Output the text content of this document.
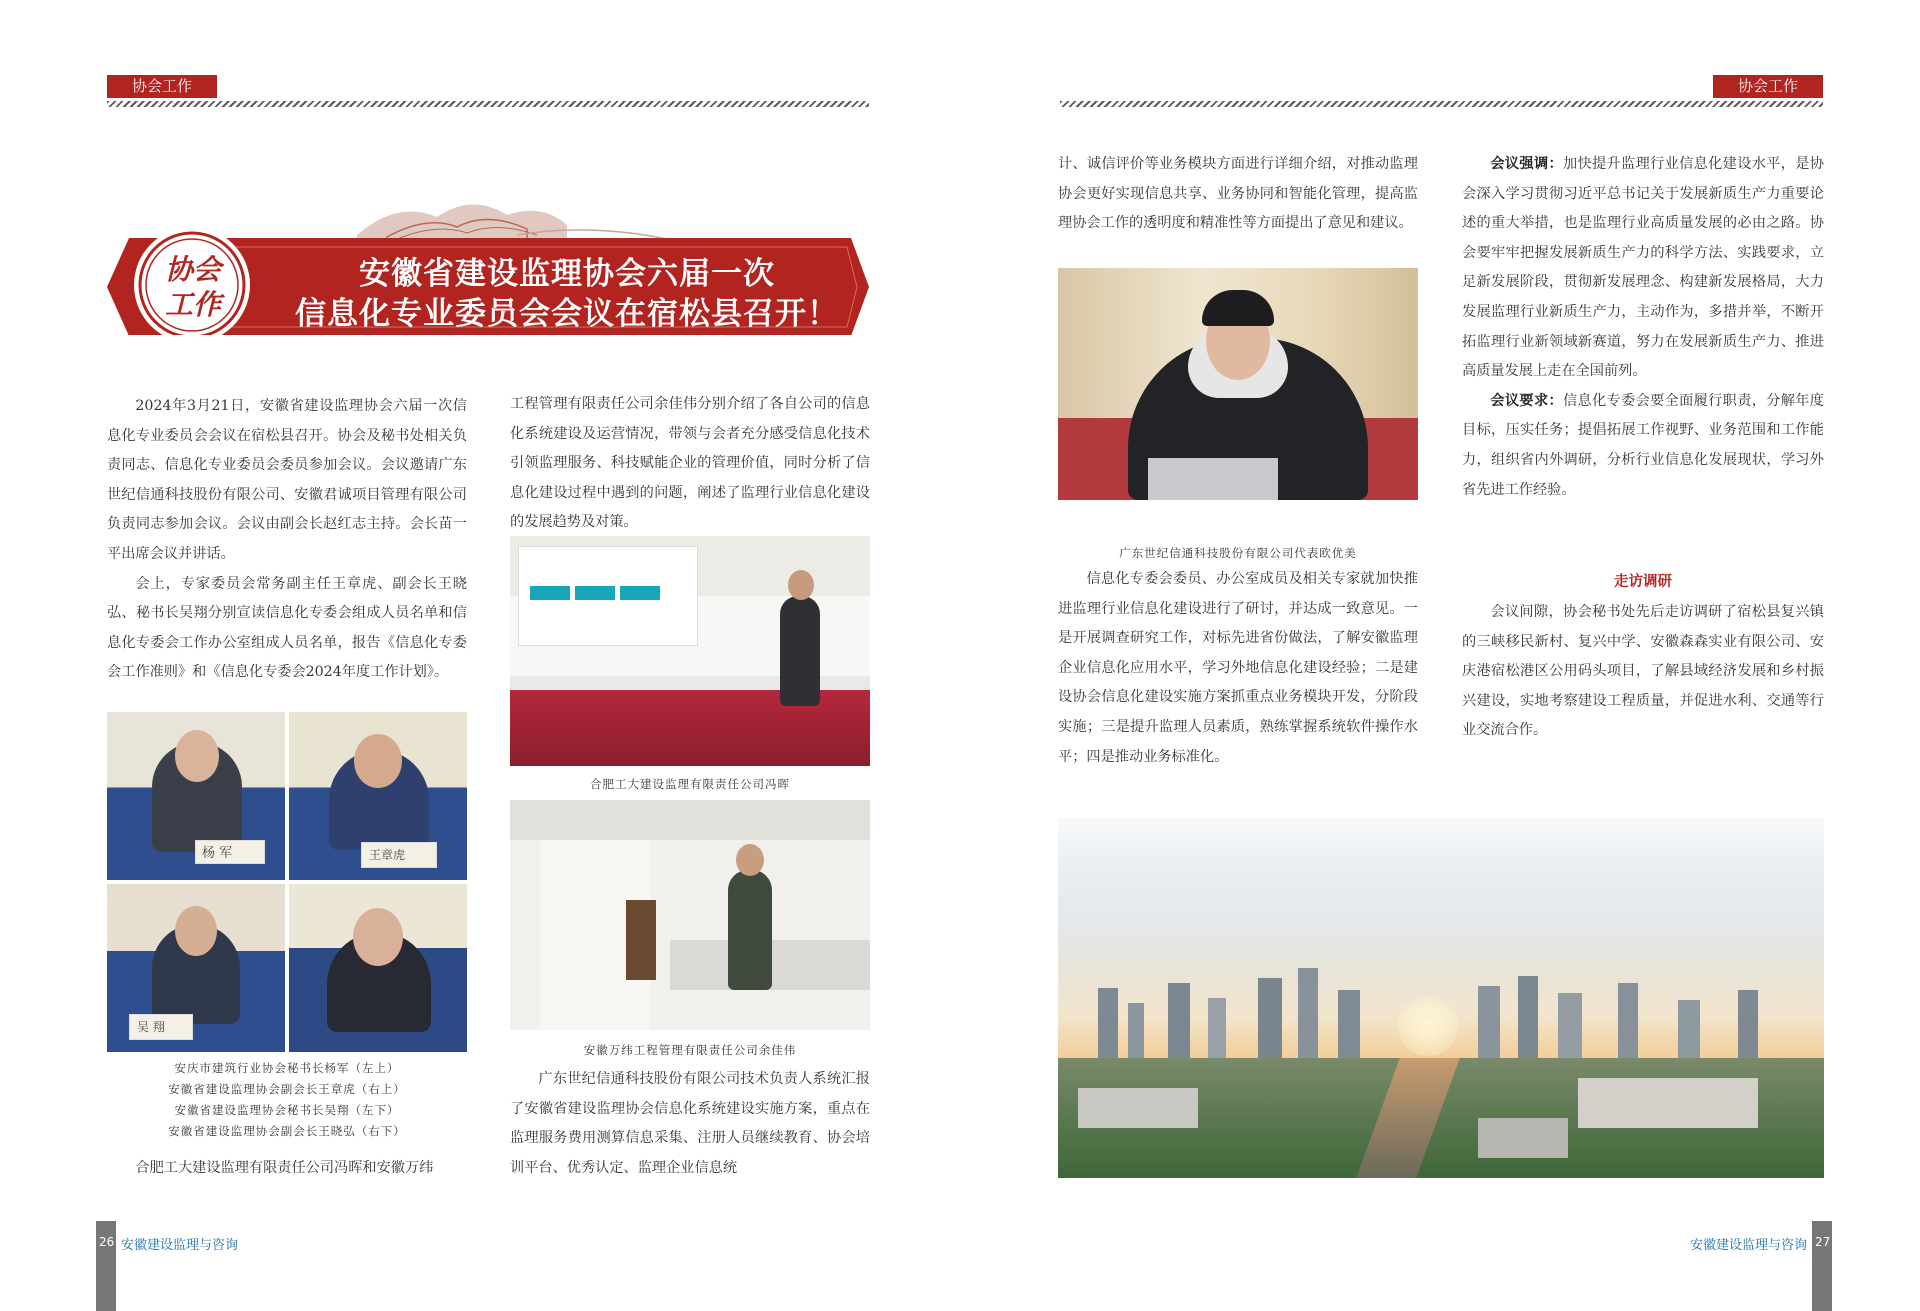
协会工作	协会工作
协会
工作
安徽省建设监理协会六届一次
信息化专业委员会会议在宿松县召开！

2024年3月21日，安徽省建设监理协会六届一次信息化专业委员会会议在宿松县召开。协会及秘书处相关负责同志、信息化专业委员会委员参加会议。会议邀请广东世纪信通科技股份有限公司、安徽君诚项目管理有限公司负责同志参加会议。会议由副会长赵红志主持。会长苗一平出席会议并讲话。

会上，专家委员会常务副主任王章虎、副会长王晓弘、秘书长吴翔分别宣读信息化专委会组成人员名单和信息化专委会工作办公室组成人员名单，报告《信息化专委会工作准则》和《信息化专委会2024年度工作计划》。

杨 军	王章虎
吴 翔
安庆市建筑行业协会秘书长杨军（左上）
安徽省建设监理协会副会长王章虎（右上）
安徽省建设监理协会秘书长吴翔（左下）
安徽省建设监理协会副会长王晓弘（右下）

合肥工大建设监理有限责任公司冯晖和安徽万纬

工程管理有限责任公司余佳伟分别介绍了各自公司的信息化系统建设及运营情况，带领与会者充分感受信息化技术引领监理服务、科技赋能企业的管理价值，同时分析了信息化建设过程中遇到的问题，阐述了监理行业信息化建设的发展趋势及对策。

合肥工大建设监理有限责任公司冯晖
安徽万纬工程管理有限责任公司余佳伟

广东世纪信通科技股份有限公司技术负责人系统汇报了安徽省建设监理协会信息化系统建设实施方案，重点在监理服务费用测算信息采集、注册人员继续教育、协会培训平台、优秀认定、监理企业信息统

计、诚信评价等业务模块方面进行详细介绍，对推动监理协会更好实现信息共享、业务协同和智能化管理，提高监理协会工作的透明度和精准性等方面提出了意见和建议。

广东世纪信通科技股份有限公司代表欧优美

信息化专委会委员、办公室成员及相关专家就加快推进监理行业信息化建设进行了研讨，并达成一致意见。一是开展调查研究工作，对标先进省份做法，了解安徽监理企业信息化应用水平，学习外地信息化建设经验；二是建设协会信息化建设实施方案抓重点业务模块开发，分阶段实施；三是提升监理人员素质，熟练掌握系统软件操作水平；四是推动业务标准化。

会议强调：加快提升监理行业信息化建设水平，是协会深入学习贯彻习近平总书记关于发展新质生产力重要论述的重大举措，也是监理行业高质量发展的必由之路。协会要牢牢把握发展新质生产力的科学方法、实践要求，立足新发展阶段，贯彻新发展理念、构建新发展格局，大力发展监理行业新质生产力，主动作为，多措并举，不断开拓监理行业新领域新赛道，努力在发展新质生产力、推进高质量发展上走在全国前列。

会议要求：信息化专委会要全面履行职责，分解年度目标，压实任务；提倡拓展工作视野、业务范围和工作能力，组织省内外调研，分析行业信息化发展现状，学习外省先进工作经验。

走访调研

会议间隙，协会秘书处先后走访调研了宿松县复兴镇的三峡移民新村、复兴中学、安徽森森实业有限公司、安庆港宿松港区公用码头项目，了解县域经济发展和乡村振兴建设，实地考察建设工程质量，并促进水利、交通等行业交流合作。

26 安徽建设监理与咨询	安徽建设监理与咨询 27
